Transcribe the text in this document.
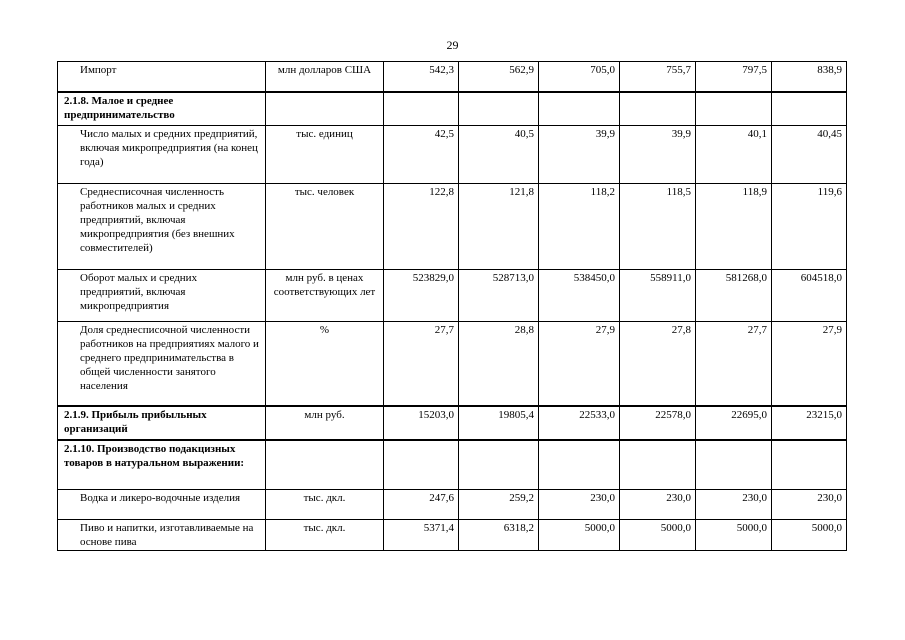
29
Импорт	млн долларов США	542,3	562,9	705,0	755,7	797,5	838,9
2.1.8. Малое и среднее предпринимательство							
Число малых и средних предприятий, включая микропредприятия (на конец года)	тыс. единиц	42,5	40,5	39,9	39,9	40,1	40,45
Среднесписочная численность работников малых и средних предприятий, включая микропредприятия (без внешних совместителей)	тыс. человек	122,8	121,8	118,2	118,5	118,9	119,6
Оборот малых и средних предприятий, включая микропредприятия	млн руб. в ценах соответствующих лет	523829,0	528713,0	538450,0	558911,0	581268,0	604518,0
Доля среднесписочной численности работников на предприятиях малого и среднего предпринимательства в общей численности занятого населения	%	27,7	28,8	27,9	27,8	27,7	27,9
2.1.9. Прибыль прибыльных организаций	млн руб.	15203,0	19805,4	22533,0	22578,0	22695,0	23215,0
2.1.10. Производство подакцизных товаров в натуральном выражении:							
Водка и ликеро-водочные изделия	тыс. дкл.	247,6	259,2	230,0	230,0	230,0	230,0
Пиво и напитки, изготавливаемые на основе пива	тыс. дкл.	5371,4	6318,2	5000,0	5000,0	5000,0	5000,0
